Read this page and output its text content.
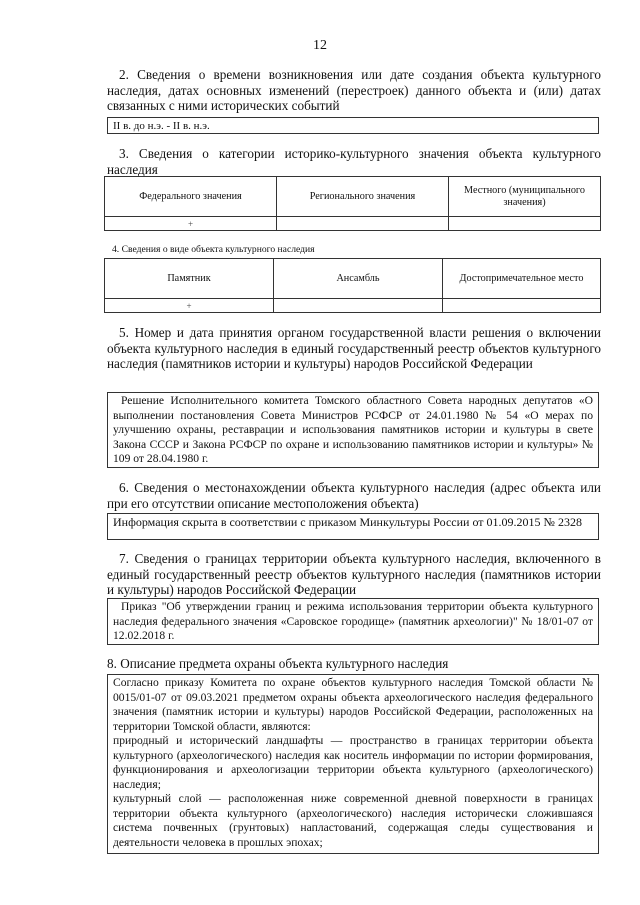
12
2. Сведения о времени возникновения или дате создания объекта культурного наследия, датах основных изменений (перестроек) данного объекта и (или) датах связанных с ними исторических событий
II в. до н.э. - II в. н.э.
3. Сведения о категории историко-культурного значения объекта культурного наследия
Федерального значения	Регионального значения	Местного (муниципального значения)
+		
4. Сведения о виде объекта культурного наследия
Памятник	Ансамбль	Достопримечательное место
+		
5. Номер и дата принятия органом государственной власти решения о включении объекта культурного наследия в единый государственный реестр объектов культурного наследия (памятников истории и культуры) народов Российской Федерации
Решение Исполнительного комитета Томского областного Совета народных депутатов «О выполнении постановления Совета Министров РСФСР от 24.01.1980 № 54 «О мерах по улучшению охраны, реставрации и использования памятников истории и культуры в свете Закона СССР и Закона РСФСР по охране и использованию памятников истории и культуры» № 109 от 28.04.1980 г.
6. Сведения о местонахождении объекта культурного наследия (адрес объекта или при его отсутствии описание местоположения объекта)
Информация скрыта в соответствии с приказом Минкультуры России от 01.09.2015 № 2328
7. Сведения о границах территории объекта культурного наследия, включенного в единый государственный реестр объектов культурного наследия (памятников истории и культуры) народов Российской Федерации
Приказ "Об утверждении границ и режима использования территории объекта культурного наследия федерального значения «Саровское городище» (памятник археологии)" № 18/01-07 от 12.02.2018 г.
8. Описание предмета охраны объекта культурного наследия
Согласно приказу Комитета по охране объектов культурного наследия Томской области № 0015/01-07 от 09.03.2021 предметом охраны объекта археологического наследия федерального значения (памятник истории и культуры) народов Российской Федерации, расположенных на территории Томской области, являются:
природный и исторический ландшафты — пространство в границах территории объекта культурного (археологического) наследия как носитель информации по истории формирования, функционирования и археологизации территории объекта культурного (археологического) наследия;
культурный слой — расположенная ниже современной дневной поверхности в границах территории объекта культурного (археологического) наследия исторически сложившаяся система почвенных (грунтовых) напластований, содержащая следы существования и деятельности человека в прошлых эпохах;
